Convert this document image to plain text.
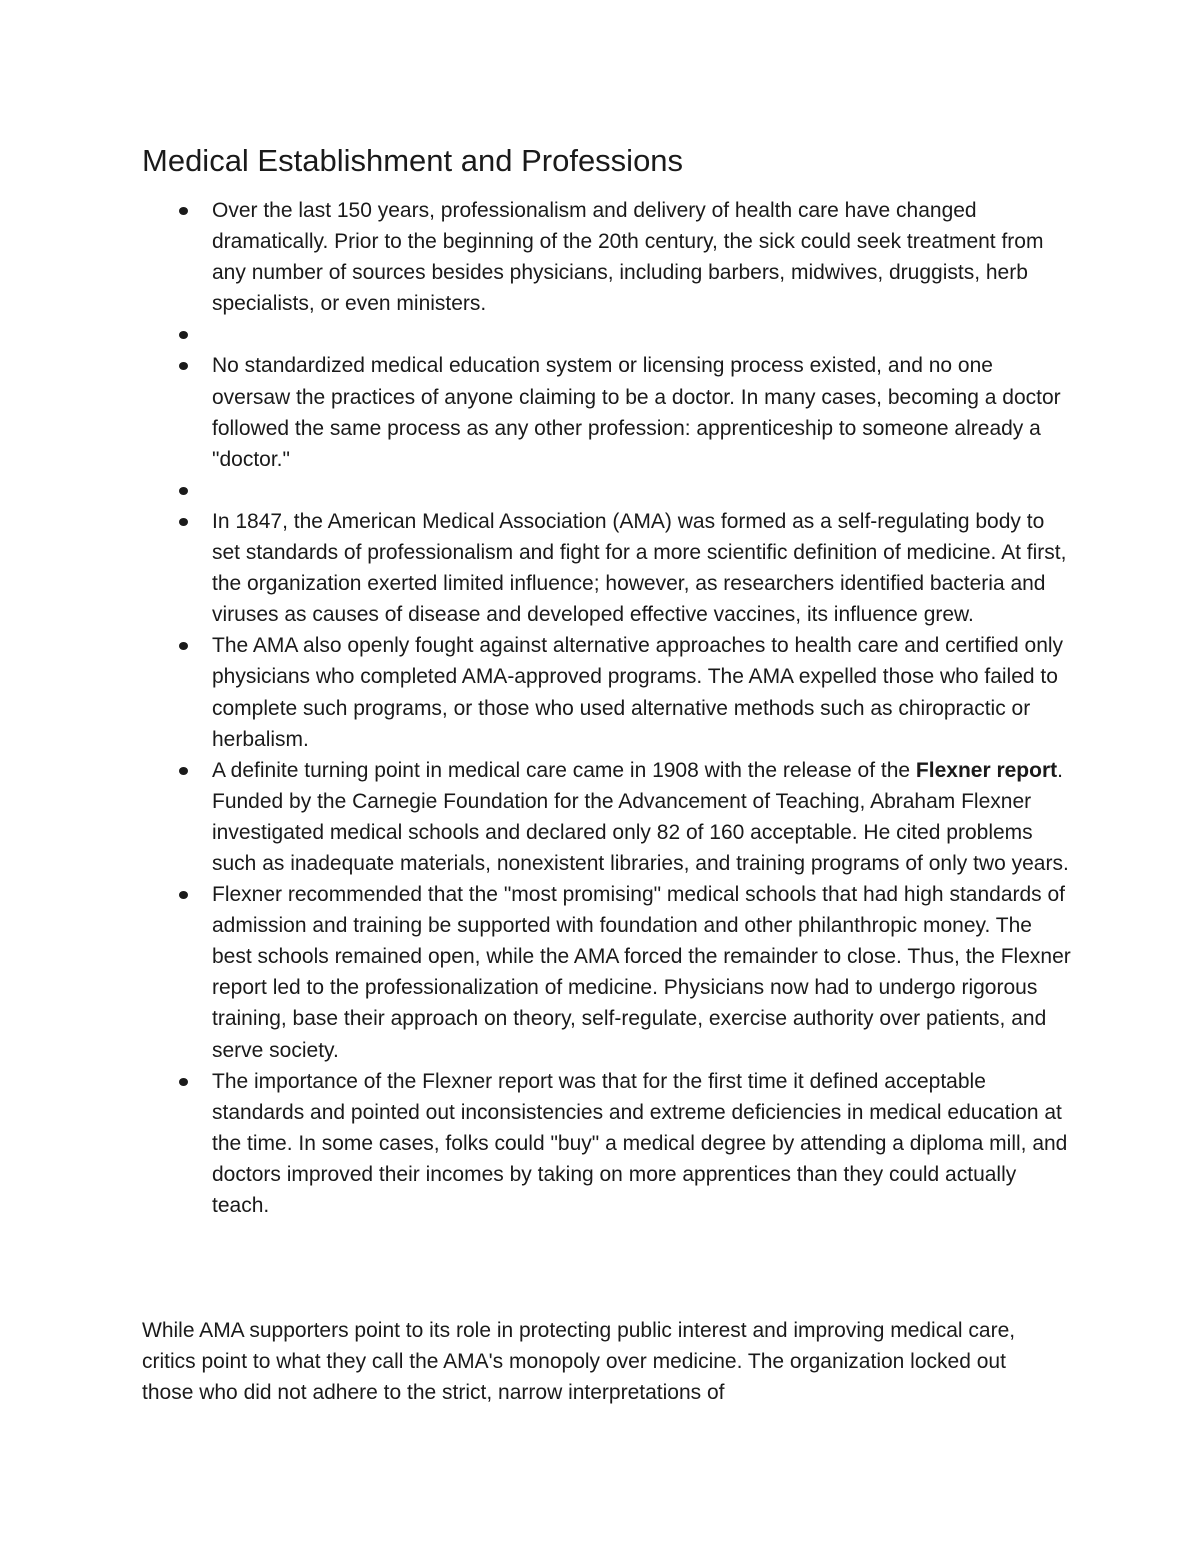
Medical Establishment and Professions
Over the last 150 years, professionalism and delivery of health care have changed dramatically. Prior to the beginning of the 20th century, the sick could seek treatment from any number of sources besides physicians, including barbers, midwives, druggists, herb specialists, or even ministers.
No standardized medical education system or licensing process existed, and no one oversaw the practices of anyone claiming to be a doctor. In many cases, becoming a doctor followed the same process as any other profession: apprenticeship to someone already a "doctor."
In 1847, the American Medical Association (AMA) was formed as a self-regulating body to set standards of professionalism and fight for a more scientific definition of medicine. At first, the organization exerted limited influence; however, as researchers identified bacteria and viruses as causes of disease and developed effective vaccines, its influence grew.
The AMA also openly fought against alternative approaches to health care and certified only physicians who completed AMA-approved programs. The AMA expelled those who failed to complete such programs, or those who used alternative methods such as chiropractic or herbalism.
A definite turning point in medical care came in 1908 with the release of the Flexner report. Funded by the Carnegie Foundation for the Advancement of Teaching, Abraham Flexner investigated medical schools and declared only 82 of 160 acceptable. He cited problems such as inadequate materials, nonexistent libraries, and training programs of only two years.
Flexner recommended that the "most promising" medical schools that had high standards of admission and training be supported with foundation and other philanthropic money. The best schools remained open, while the AMA forced the remainder to close. Thus, the Flexner report led to the professionalization of medicine. Physicians now had to undergo rigorous training, base their approach on theory, self-regulate, exercise authority over patients, and serve society.
The importance of the Flexner report was that for the first time it defined acceptable standards and pointed out inconsistencies and extreme deficiencies in medical education at the time. In some cases, folks could "buy" a medical degree by attending a diploma mill, and doctors improved their incomes by taking on more apprentices than they could actually teach.

While AMA supporters point to its role in protecting public interest and improving medical care, critics point to what they call the AMA's monopoly over medicine. The organization locked out those who did not adhere to the strict, narrow interpretations of
